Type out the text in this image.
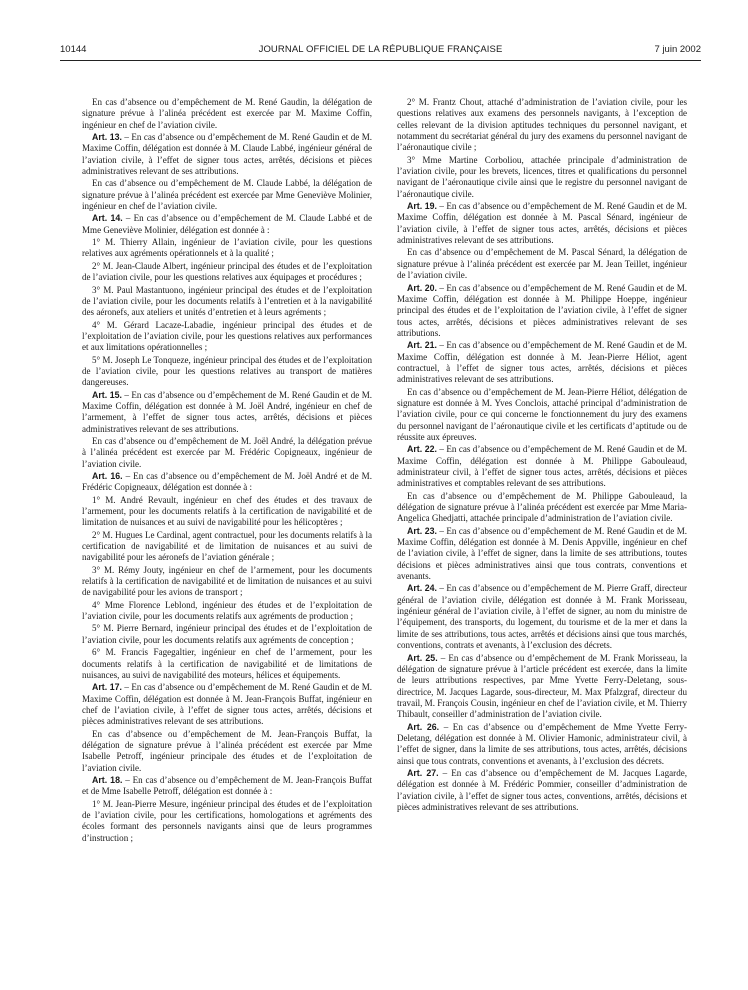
10144	JOURNAL OFFICIEL DE LA RÉPUBLIQUE FRANÇAISE	7 juin 2002

En cas d’absence ou d’empêchement de M. René Gaudin, la délégation de signature prévue à l’alinéa précédent est exercée par M. Maxime Coffin, ingénieur en chef de l’aviation civile.

Art. 13. – En cas d’absence ou d’empêchement de M. René Gaudin et de M. Maxime Coffin, délégation est donnée à M. Claude Labbé, ingénieur général de l’aviation civile, à l’effet de signer tous actes, arrêtés, décisions et pièces administratives relevant de ses attributions.

En cas d’absence ou d’empêchement de M. Claude Labbé, la délégation de signature prévue à l’alinéa précédent est exercée par Mme Geneviève Molinier, ingénieur en chef de l’aviation civile.

Art. 14. – En cas d’absence ou d’empêchement de M. Claude Labbé et de Mme Geneviève Molinier, délégation est donnée à :

1° M. Thierry Allain, ingénieur de l’aviation civile, pour les questions relatives aux agréments opérationnels et à la qualité ;

2° M. Jean-Claude Albert, ingénieur principal des études et de l’exploitation de l’aviation civile, pour les questions relatives aux équipages et procédures ;

3° M. Paul Mastantuono, ingénieur principal des études et de l’exploitation de l’aviation civile, pour les documents relatifs à l’entretien et à la navigabilité des aéronefs, aux ateliers et unités d’entretien et à leurs agréments ;

4° M. Gérard Lacaze-Labadie, ingénieur principal des études et de l’exploitation de l’aviation civile, pour les questions relatives aux performances et aux limitations opérationnelles ;

5° M. Joseph Le Tonqueze, ingénieur principal des études et de l’exploitation de l’aviation civile, pour les questions relatives au transport de matières dangereuses.

Art. 15. – En cas d’absence ou d’empêchement de M. René Gaudin et de M. Maxime Coffin, délégation est donnée à M. Joël André, ingénieur en chef de l’armement, à l’effet de signer tous actes, arrêtés, décisions et pièces administratives relevant de ses attributions.

En cas d’absence ou d’empêchement de M. Joël André, la délégation prévue à l’alinéa précédent est exercée par M. Frédéric Copigneaux, ingénieur de l’aviation civile.

Art. 16. – En cas d’absence ou d’empêchement de M. Joël André et de M. Frédéric Copigneaux, délégation est donnée à :

1° M. André Revault, ingénieur en chef des études et des travaux de l’armement, pour les documents relatifs à la certification de navigabilité et de limitation de nuisances et au suivi de navigabilité pour les hélicoptères ;

2° M. Hugues Le Cardinal, agent contractuel, pour les documents relatifs à la certification de navigabilité et de limitation de nuisances et au suivi de navigabilité pour les aéronefs de l’aviation générale ;

3° M. Rémy Jouty, ingénieur en chef de l’armement, pour les documents relatifs à la certification de navigabilité et de limitation de nuisances et au suivi de navigabilité pour les avions de transport ;

4° Mme Florence Leblond, ingénieur des études et de l’exploitation de l’aviation civile, pour les documents relatifs aux agréments de production ;

5° M. Pierre Bernard, ingénieur principal des études et de l’exploitation de l’aviation civile, pour les documents relatifs aux agréments de conception ;

6° M. Francis Fagegaltier, ingénieur en chef de l’armement, pour les documents relatifs à la certification de navigabilité et de limitations de nuisances, au suivi de navigabilité des moteurs, hélices et équipements.

Art. 17. – En cas d’absence ou d’empêchement de M. René Gaudin et de M. Maxime Coffin, délégation est donnée à M. Jean-François Buffat, ingénieur en chef de l’aviation civile, à l’effet de signer tous actes, arrêtés, décisions et pièces administratives relevant de ses attributions.

En cas d’absence ou d’empêchement de M. Jean-François Buffat, la délégation de signature prévue à l’alinéa précédent est exercée par Mme Isabelle Petroff, ingénieur principale des études et de l’exploitation de l’aviation civile.

Art. 18. – En cas d’absence ou d’empêchement de M. Jean-François Buffat et de Mme Isabelle Petroff, délégation est donnée à :

1° M. Jean-Pierre Mesure, ingénieur principal des études et de l’exploitation de l’aviation civile, pour les certifications, homologations et agréments des écoles formant des personnels navigants ainsi que de leurs programmes d’instruction ;

2° M. Frantz Chout, attaché d’administration de l’aviation civile, pour les questions relatives aux examens des personnels navigants, à l’exception de celles relevant de la division aptitudes techniques du personnel navigant, et notamment du secrétariat général du jury des examens du personnel navigant de l’aéronautique civile ;

3° Mme Martine Corboliou, attachée principale d’administration de l’aviation civile, pour les brevets, licences, titres et qualifications du personnel navigant de l’aéronautique civile ainsi que le registre du personnel navigant de l’aéronautique civile.

Art. 19. – En cas d’absence ou d’empêchement de M. René Gaudin et de M. Maxime Coffin, délégation est donnée à M. Pascal Sénard, ingénieur de l’aviation civile, à l’effet de signer tous actes, arrêtés, décisions et pièces administratives relevant de ses attributions.

En cas d’absence ou d’empêchement de M. Pascal Sénard, la délégation de signature prévue à l’alinéa précédent est exercée par M. Jean Teillet, ingénieur de l’aviation civile.

Art. 20. – En cas d’absence ou d’empêchement de M. René Gaudin et de M. Maxime Coffin, délégation est donnée à M. Philippe Hoeppe, ingénieur principal des études et de l’exploitation de l’aviation civile, à l’effet de signer tous actes, arrêtés, décisions et pièces administratives relevant de ses attributions.

Art. 21. – En cas d’absence ou d’empêchement de M. René Gaudin et de M. Maxime Coffin, délégation est donnée à M. Jean-Pierre Héliot, agent contractuel, à l’effet de signer tous actes, arrêtés, décisions et pièces administratives relevant de ses attributions.

En cas d’absence ou d’empêchement de M. Jean-Pierre Héliot, délégation de signature est donnée à M. Yves Conclois, attaché principal d’administration de l’aviation civile, pour ce qui concerne le fonctionnement du jury des examens du personnel navigant de l’aéronautique civile et les certificats d’aptitude ou de réussite aux épreuves.

Art. 22. – En cas d’absence ou d’empêchement de M. René Gaudin et de M. Maxime Coffin, délégation est donnée à M. Philippe Gabouleaud, administrateur civil, à l’effet de signer tous actes, arrêtés, décisions et pièces administratives et comptables relevant de ses attributions.

En cas d’absence ou d’empêchement de M. Philippe Gabouleaud, la délégation de signature prévue à l’alinéa précédent est exercée par Mme Maria-Angelica Ghedjatti, attachée principale d’administration de l’aviation civile.

Art. 23. – En cas d’absence ou d’empêchement de M. René Gaudin et de M. Maxime Coffin, délégation est donnée à M. Denis Appville, ingénieur en chef de l’aviation civile, à l’effet de signer, dans la limite de ses attributions, toutes décisions et pièces administratives ainsi que tous contrats, conventions et avenants.

Art. 24. – En cas d’absence ou d’empêchement de M. Pierre Graff, directeur général de l’aviation civile, délégation est donnée à M. Frank Morisseau, ingénieur général de l’aviation civile, à l’effet de signer, au nom du ministre de l’équipement, des transports, du logement, du tourisme et de la mer et dans la limite de ses attributions, tous actes, arrêtés et décisions ainsi que tous marchés, conventions, contrats et avenants, à l’exclusion des décrets.

Art. 25. – En cas d’absence ou d’empêchement de M. Frank Morisseau, la délégation de signature prévue à l’article précédent est exercée, dans la limite de leurs attributions respectives, par Mme Yvette Ferry-Deletang, sous-directrice, M. Jacques Lagarde, sous-directeur, M. Max Pfalzgraf, directeur du travail, M. François Cousin, ingénieur en chef de l’aviation civile, et M. Thierry Thibault, conseiller d’administration de l’aviation civile.

Art. 26. – En cas d’absence ou d’empêchement de Mme Yvette Ferry-Deletang, délégation est donnée à M. Olivier Hamonic, administrateur civil, à l’effet de signer, dans la limite de ses attributions, tous actes, arrêtés, décisions ainsi que tous contrats, conventions et avenants, à l’exclusion des décrets.

Art. 27. – En cas d’absence ou d’empêchement de M. Jacques Lagarde, délégation est donnée à M. Frédéric Pommier, conseiller d’administration de l’aviation civile, à l’effet de signer tous actes, conventions, arrêtés, décisions et pièces administratives relevant de ses attributions.
